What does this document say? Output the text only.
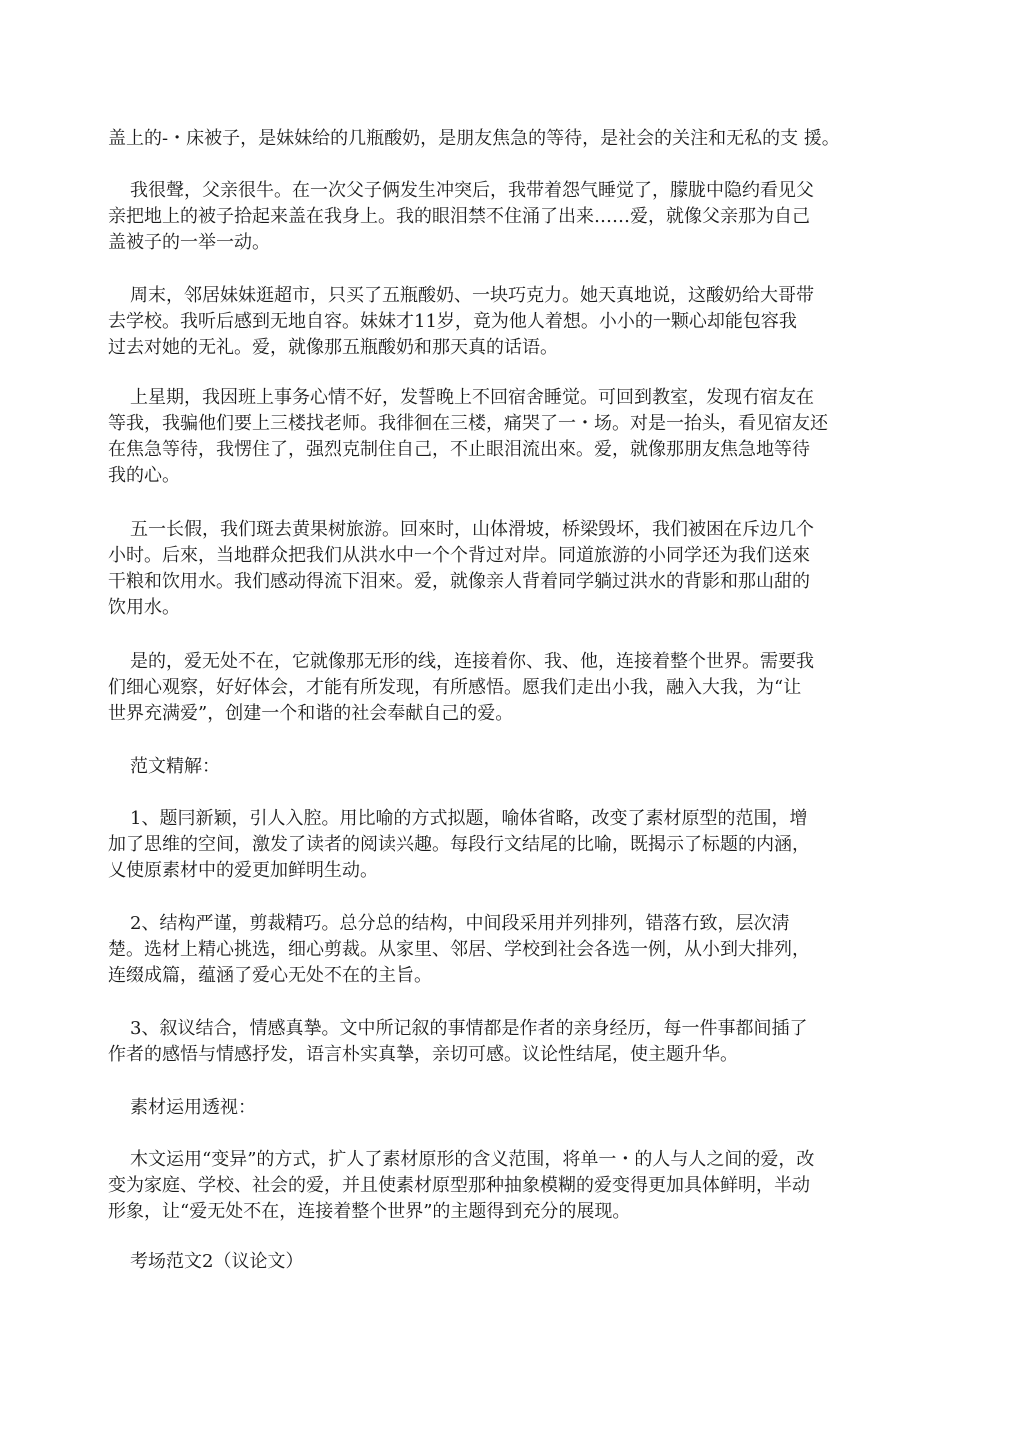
盖上的-・床被子，是妹妹给的几瓶酸奶，是朋友焦急的等待，是社会的关注和无私的支 援。
我很聲，父亲很牛。在一次父子俩发生冲突后，我带着怨气睡觉了，朦胧中隐约看见父
亲把地上的被子拾起来盖在我身上。我的眼泪禁不住涌了出来……爱，就像父亲那为自己
盖被子的一举一动。
周末，邻居妹妹逛超市，只买了五瓶酸奶、一块巧克力。她天真地说，这酸奶给大哥带
去学校。我听后感到无地自容。妹妹才11岁，竟为他人着想。小小的一颗心却能包容我
过去对她的无礼。爱，就像那五瓶酸奶和那天真的话语。
上星期，我因班上事务心情不好，发誓晚上不回宿舍睡觉。可回到教室，发现冇宿友在
等我，我骗他们要上三楼找老师。我徘徊在三楼，痛哭了一・场。对是一抬头，看见宿友还
在焦急等待，我愣住了，强烈克制住自己，不止眼泪流出來。爱，就像那朋友焦急地等待
我的心。
五一长假，我们斑去黄果树旅游。回來时，山体滑坡，桥梁毁坏，我们被困在斥边几个
小时。后來，当地群众把我们从洪水中一个个背过对岸。同道旅游的小同学还为我们送來
干粮和饮用水。我们感动得流下泪來。爱，就像亲人背着同学躺过洪水的背影和那山甜的
饮用水。
是的，爱无处不在，它就像那无形的线，连接着你、我、他，连接着整个世界。需要我
们细心观察，好好体会，才能有所发现，有所感悟。愿我们走出小我，融入大我，为“让
世界充满爱”，创建一个和谐的社会奉献自己的爱。
范文精解：
1、题冃新颖，引人入腔。用比喻的方式拟题，喻体省略，改变了素材原型的范围，增
加了思维的空间，激发了读者的阅读兴趣。每段行文结尾的比喻，既揭示了标题的内涵，
乂使原素材中的爱更加鲜明生动。
2、结构严谨，剪裁精巧。总分总的结构，中间段采用并列排列，错落冇致，层次淸
楚。选材上精心挑选，细心剪裁。从家里、邻居、学校到社会各选一例，从小到大排列，
连缀成篇，蕴涵了爱心无处不在的主旨。
3、叙议结合，情感真摯。文中所记叙的事情都是作者的亲身经历，每一件事都间插了
作者的感悟与情感抒发，语言朴实真摯，亲切可感。议论性结尾，使主题升华。
素材运用透视：
木文运用“变异”的方式，扩人了素材原形的含义范围，将单一・的人与人之间的爱，改
变为家庭、学校、社会的爱，并且使素材原型那种抽象模糊的爱变得更加具体鲜明，半动
形象，让“爱无处不在，连接着整个世界”的主题得到充分的展现。
考场范文2（议论文）
